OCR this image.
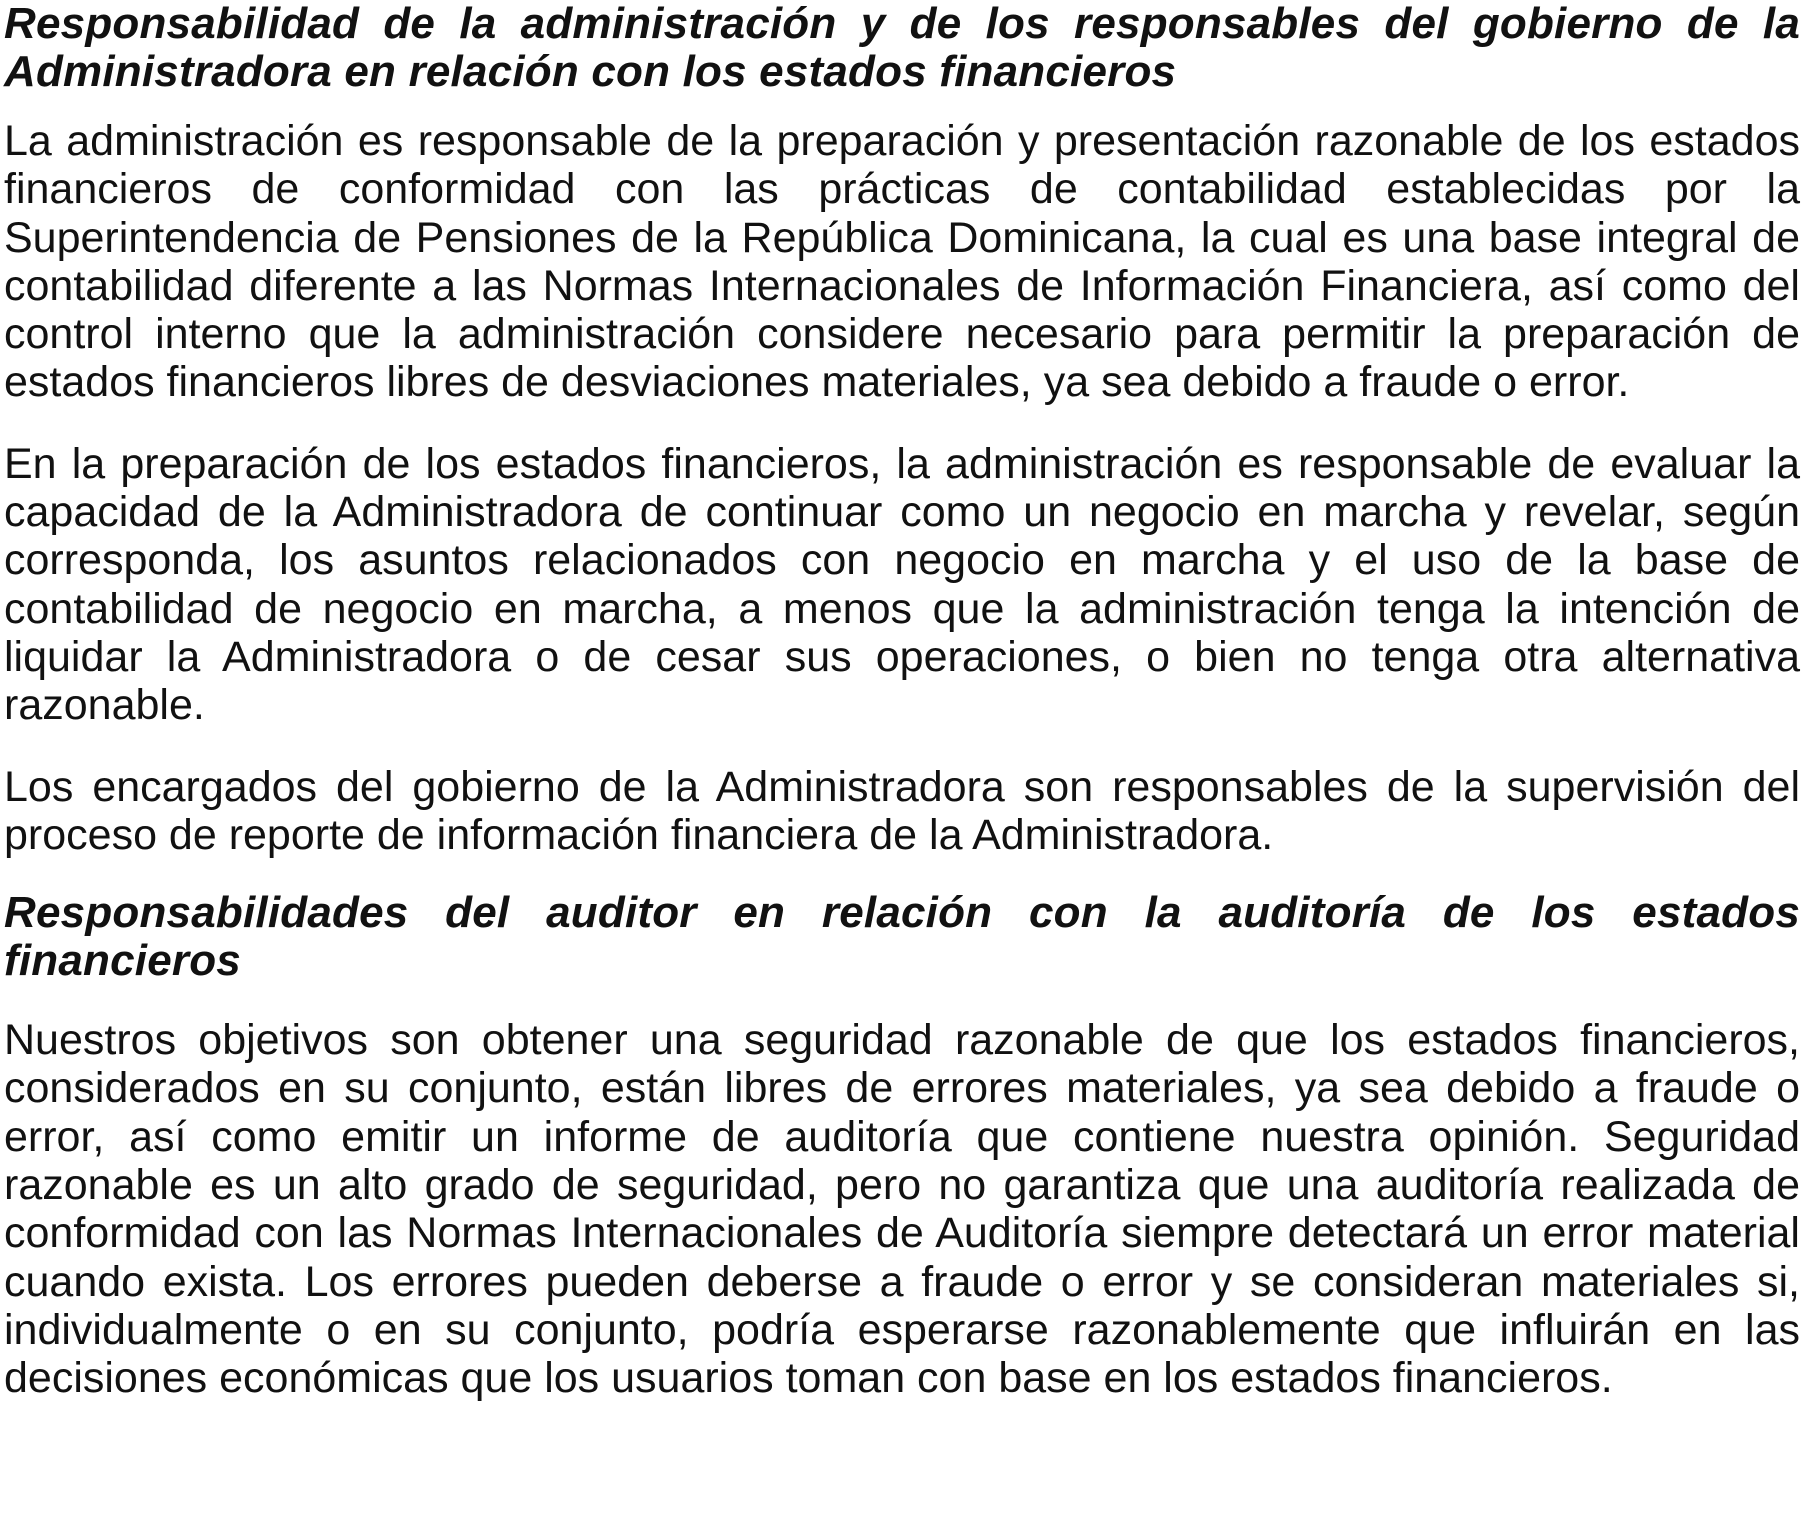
Responsabilidad de la administración y de los responsables del gobierno de la Administradora en relación con los estados financieros

La administración es responsable de la preparación y presentación razonable de los estados financieros de conformidad con las prácticas de contabilidad establecidas por la Superintendencia de Pensiones de la República Dominicana, la cual es una base integral de contabilidad diferente a las Normas Internacionales de Información Financiera, así como del control interno que la administración considere necesario para permitir la preparación de estados financieros libres de desviaciones materiales, ya sea debido a fraude o error.

En la preparación de los estados financieros, la administración es responsable de evaluar la capacidad de la Administradora de continuar como un negocio en marcha y revelar, según corresponda, los asuntos relacionados con negocio en marcha y el uso de la base de contabilidad de negocio en marcha, a menos que la administración tenga la intención de liquidar la Administradora o de cesar sus operaciones, o bien no tenga otra alternativa razonable.

Los encargados del gobierno de la Administradora son responsables de la supervisión del proceso de reporte de información financiera de la Administradora.

Responsabilidades del auditor en relación con la auditoría de los estados financieros

Nuestros objetivos son obtener una seguridad razonable de que los estados financieros, considerados en su conjunto, están libres de errores materiales, ya sea debido a fraude o error, así como emitir un informe de auditoría que contiene nuestra opinión. Seguridad razonable es un alto grado de seguridad, pero no garantiza que una auditoría realizada de conformidad con las Normas Internacionales de Auditoría siempre detectará un error material cuando exista. Los errores pueden deberse a fraude o error y se consideran materiales si, individualmente o en su conjunto, podría esperarse razonablemente que influirán en las decisiones económicas que los usuarios toman con base en los estados financieros.
